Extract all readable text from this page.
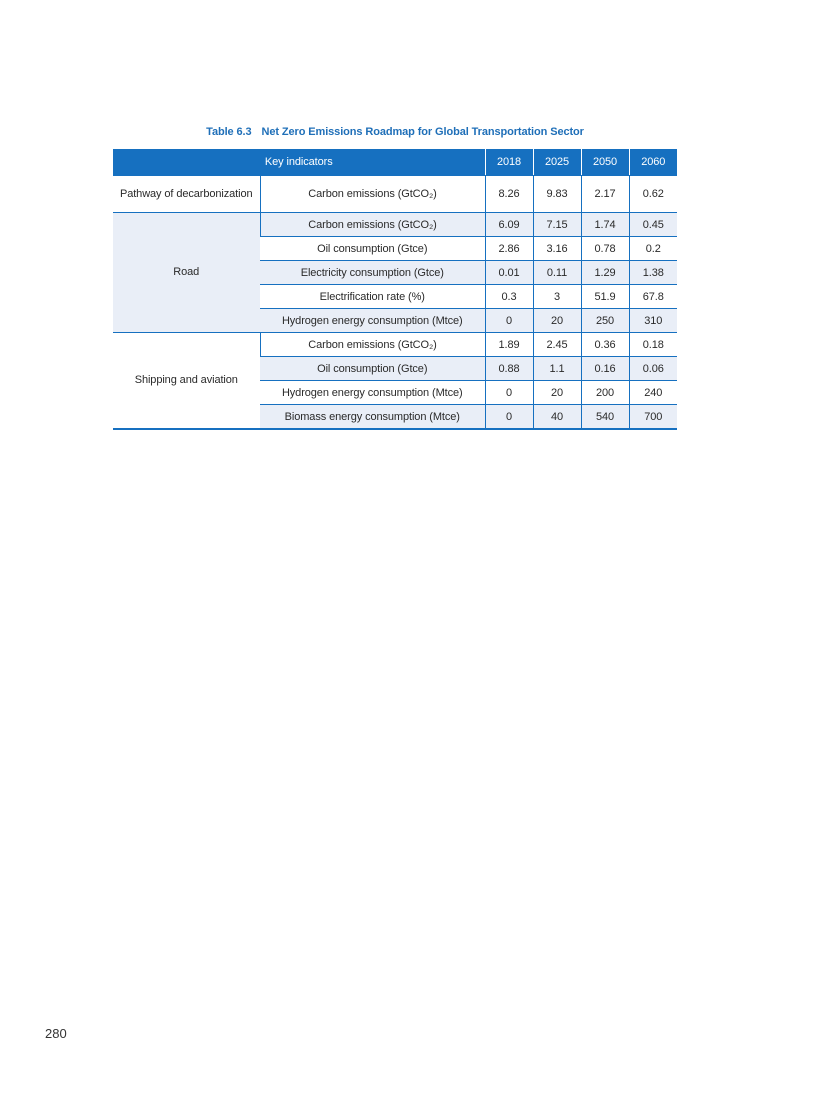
Table 6.3 Net Zero Emissions Roadmap for Global Transportation Sector
Key indicators		2018	2025	2050	2060
Pathway of decarbonization	Carbon emissions (GtCO₂)	8.26	9.83	2.17	0.62
Road	Carbon emissions (GtCO₂)	6.09	7.15	1.74	0.45
	Oil consumption (Gtce)	2.86	3.16	0.78	0.2
	Electricity consumption (Gtce)	0.01	0.11	1.29	1.38
	Electrification rate (%)	0.3	3	51.9	67.8
	Hydrogen energy consumption (Mtce)	0	20	250	310
Shipping and aviation	Carbon emissions (GtCO₂)	1.89	2.45	0.36	0.18
	Oil consumption (Gtce)	0.88	1.1	0.16	0.06
	Hydrogen energy consumption (Mtce)	0	20	200	240
	Biomass energy consumption (Mtce)	0	40	540	700
280
